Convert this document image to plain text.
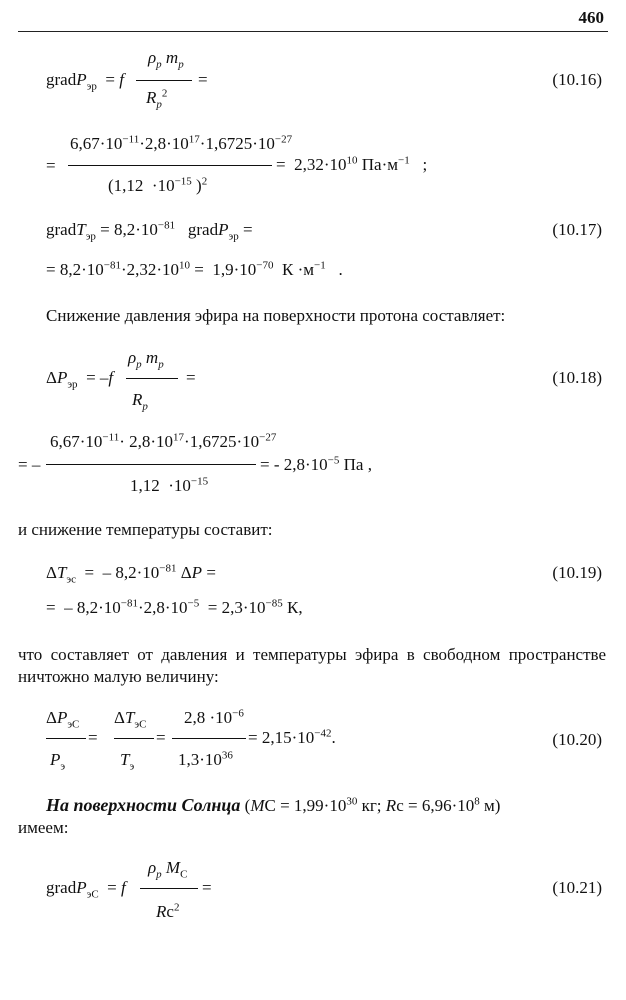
460
$\rho_p$ $m_p$
gradP$_{эр}$  = f	=
$R_p^2$
(10.16)
$6,67\cdot 10^{-11}\cdot 2,8\cdot 10^{17}\cdot 1,6725\cdot 10^{-27}$
=	=  $2,32\cdot 10^{10}$ $Па\cdot м^{-1}$   ;
($1,12 \cdot 10^{-15}$ )$^2$
gradT$_{эр}$ = $8,2\cdot 10^{-81}$   gradP$_{эр}$ =	(10.17)
= $8,2\cdot 10^{-81}\cdot 2,32\cdot 10^{10} = 1,9\cdot 10^{-70}$  $К \cdot м^{-1}$   .
Снижение давления эфира на поверхности протона составляет:
$\rho_p$ $m_p$
$\Delta P_{эр} = -f$	=
$R_p$
(10.18)
$6,67\cdot 10^{-11}\cdot 2,8\cdot 10^{17}\cdot 1,6725\cdot 10^{-27}$
= –	= - $2,8\cdot 10^{-5}$ Па ,
$1,12 \cdot 10^{-15}$
и снижение температуры составит:
$\Delta T_{эс}$  =  – $8,2\cdot 10^{-81}$ ΔP =	(10.19)
=  – $8,2\cdot 10^{-81}\cdot 2,8\cdot 10^{-5} = 2,3\cdot 10^{-85}$ К,
что составляет от давления и температуры эфира в свободном пространстве ничтожно малую величину:
$\Delta P_{эС}$ $\Delta T_{эС}$ $2,8 \cdot 10^{-6}$
=	=	= $2,15\cdot 10^{-42}$.
$P_э$	$T_э$	$1,3\cdot 10^{36}$
(10.20)
На поверхности Солнца ($MС = 1,99\cdot 10^{30}$ кг; Rс = $6,96\cdot 10^8$ м)
имеем:
$\rho_p$ $M_С$
gradP$_{эС}$  = f	=
$Rс^2$
(10.21)
